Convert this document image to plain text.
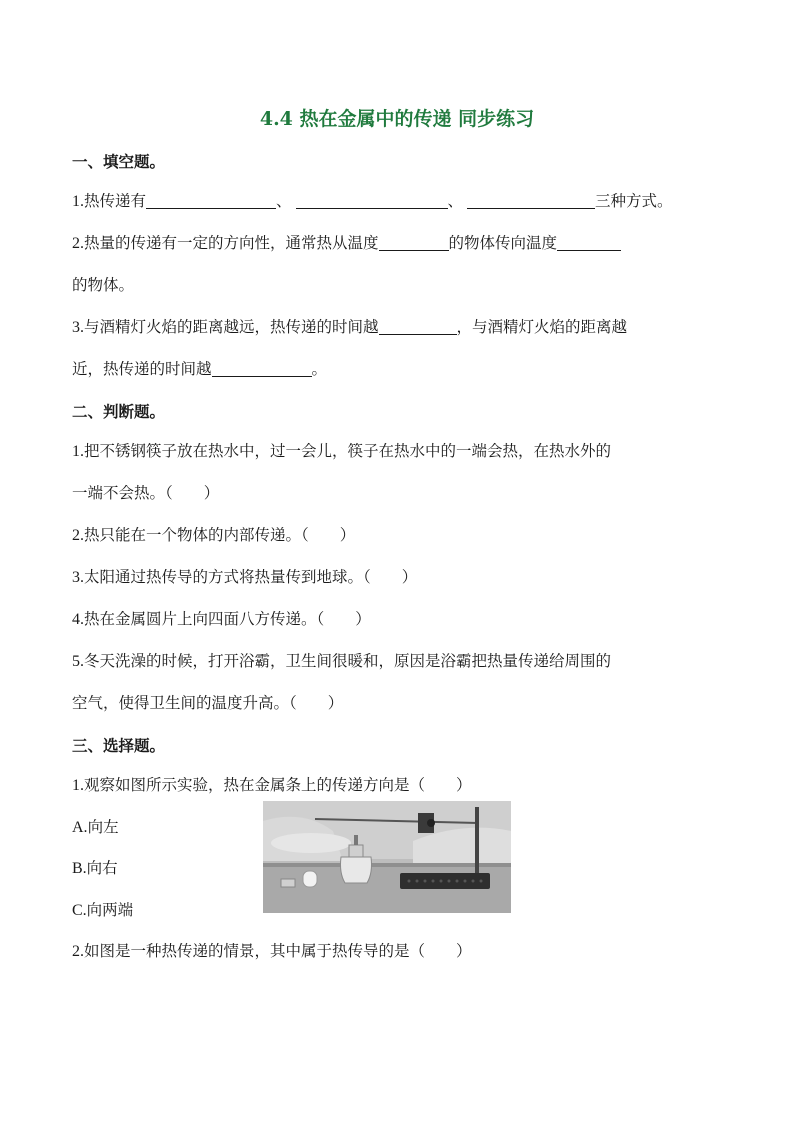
4.4 热在金属中的传递 同步练习
一、填空题。
1.热传递有	、	、	三种方式。
2.热量的传递有一定的方向性，通常热从温度	的物体传向温度
的物体。
3.与酒精灯火焰的距离越远，热传递的时间越	，与酒精灯火焰的距离越
近，热传递的时间越	。
二、判断题。
1.把不锈钢筷子放在热水中，过一会儿，筷子在热水中的一端会热，在热水外的
一端不会热。（　　）
2.热只能在一个物体的内部传递。（　　）
3.太阳通过热传导的方式将热量传到地球。（　　）
4.热在金属圆片上向四面八方传递。（　　）
5.冬天洗澡的时候，打开浴霸，卫生间很暖和，原因是浴霸把热量传递给周围的
空气，使得卫生间的温度升高。（　　）
三、选择题。
1.观察如图所示实验，热在金属条上的传递方向是（　　）
A.向左
B.向右
C.向两端
2.如图是一种热传递的情景，其中属于热传导的是（　　）
